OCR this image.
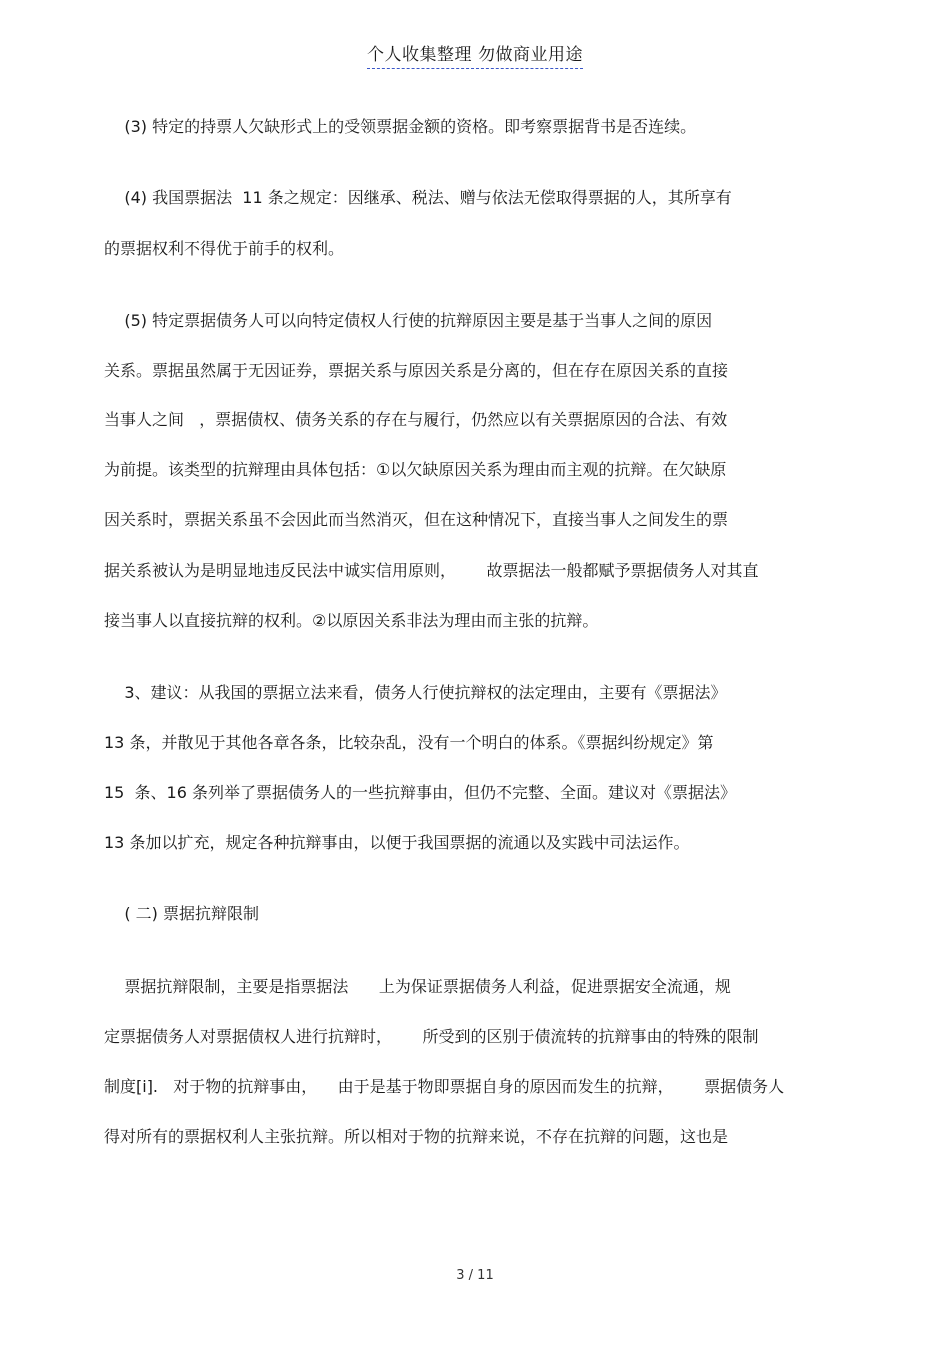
个人收集整理 勿做商业用途
(3) 特定的持票人欠缺形式上的受领票据金额的资格。即考察票据背书是否连续。
(4) 我国票据法  11 条之规定：因继承、税法、赠与依法无偿取得票据的人，其所享有
的票据权利不得优于前手的权利。
(5) 特定票据债务人可以向特定债权人行使的抗辩原因主要是基于当事人之间的原因
关系。票据虽然属于无因证券，票据关系与原因关系是分离的，但在存在原因关系的直接
当事人之间   ，票据债权、债务关系的存在与履行，仍然应以有关票据原因的合法、有效
为前提。该类型的抗辩理由具体包括：①以欠缺原因关系为理由而主观的抗辩。在欠缺原
因关系时，票据关系虽不会因此而当然消灭，但在这种情况下，直接当事人之间发生的票
据关系被认为是明显地违反民法中诚实信用原则，      故票据法一般都赋予票据债务人对其直
接当事人以直接抗辩的权利。②以原因关系非法为理由而主张的抗辩。
3、建议：从我国的票据立法来看，债务人行使抗辩权的法定理由，主要有《票据法》
13 条，并散见于其他各章各条，比较杂乱，没有一个明白的体系。《票据纠纷规定》第
15  条、16 条列举了票据债务人的一些抗辩事由，但仍不完整、全面。建议对《票据法》
13 条加以扩充，规定各种抗辩事由，以便于我国票据的流通以及实践中司法运作。
( 二) 票据抗辩限制
票据抗辩限制，主要是指票据法      上为保证票据债务人利益，促进票据安全流通，规
定票据债务人对票据债权人进行抗辩时，      所受到的区别于债流转的抗辩事由的特殊的限制
制度[i].   对于物的抗辩事由，    由于是基于物即票据自身的原因而发生的抗辩，      票据债务人
得对所有的票据权利人主张抗辩。所以相对于物的抗辩来说，不存在抗辩的问题，这也是
3 / 11
